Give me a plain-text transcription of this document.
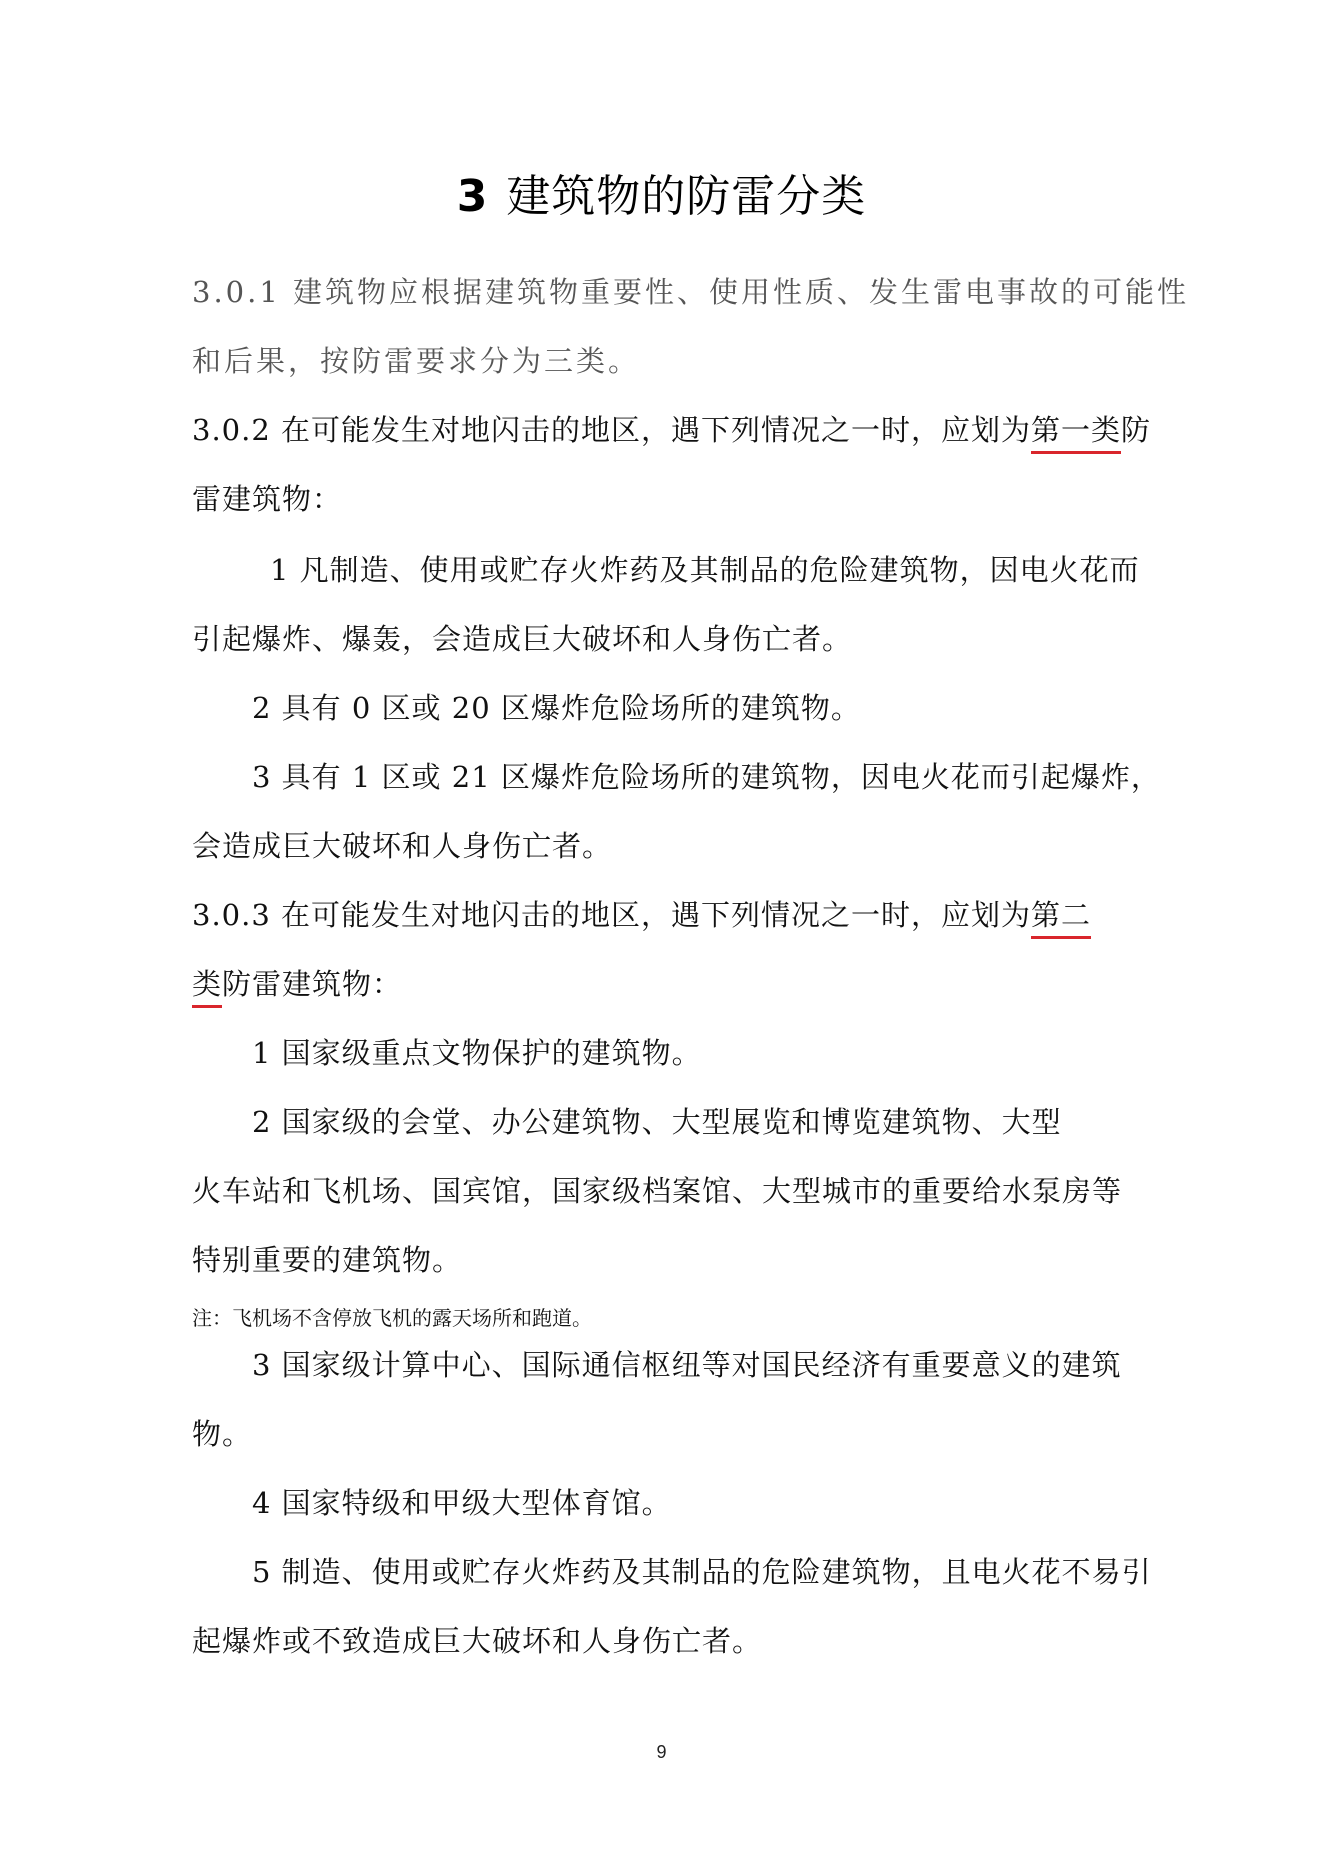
3 建筑物的防雷分类
3.0.1 建筑物应根据建筑物重要性、使用性质、发生雷电事故的可能性
和后果，按防雷要求分为三类。
3.0.2 在可能发生对地闪击的地区，遇下列情况之一时，应划为第一类防
雷建筑物：
1 凡制造、使用或贮存火炸药及其制品的危险建筑物，因电火花而
引起爆炸、爆轰，会造成巨大破坏和人身伤亡者。
2 具有 0 区或 20 区爆炸危险场所的建筑物。
3 具有 1 区或 21 区爆炸危险场所的建筑物，因电火花而引起爆炸，
会造成巨大破坏和人身伤亡者。
3.0.3 在可能发生对地闪击的地区，遇下列情况之一时，应划为第二
类防雷建筑物：
1 国家级重点文物保护的建筑物。
2 国家级的会堂、办公建筑物、大型展览和博览建筑物、大型
火车站和飞机场、国宾馆，国家级档案馆、大型城市的重要给水泵房等
特别重要的建筑物。
注：飞机场不含停放飞机的露天场所和跑道。
3 国家级计算中心、国际通信枢纽等对国民经济有重要意义的建筑
物。
4 国家特级和甲级大型体育馆。
5 制造、使用或贮存火炸药及其制品的危险建筑物，且电火花不易引
起爆炸或不致造成巨大破坏和人身伤亡者。
9
